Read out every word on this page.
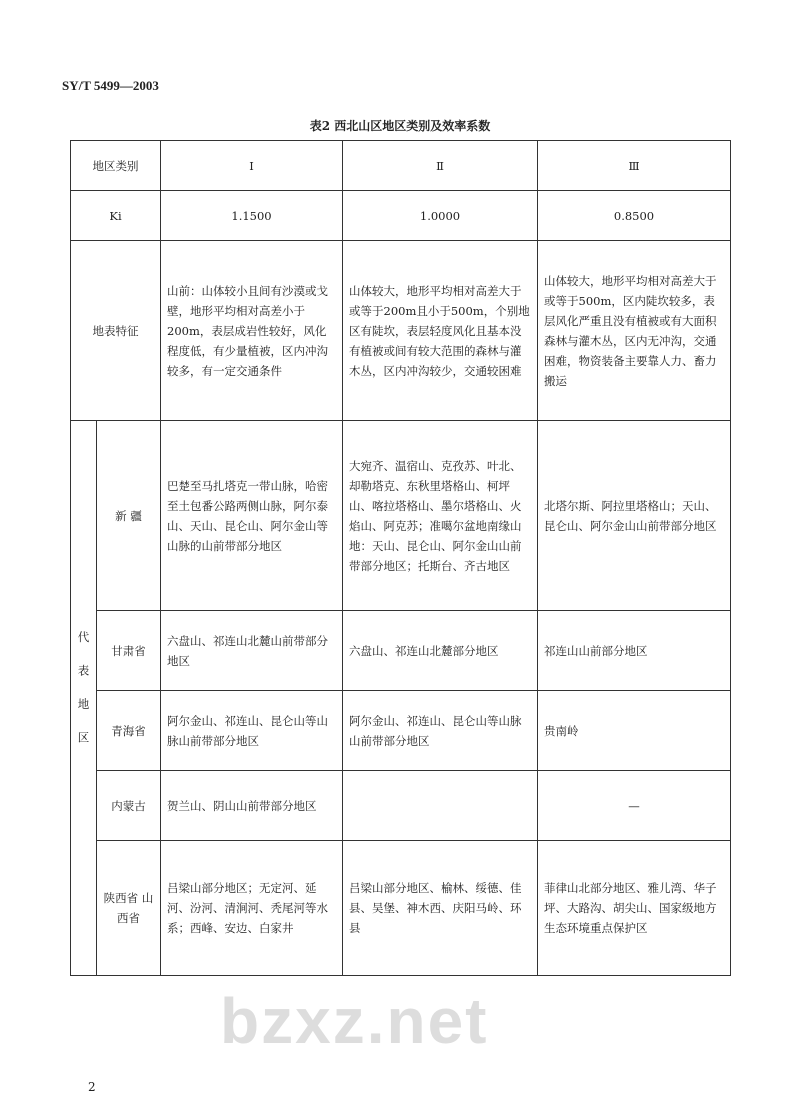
SY/T 5499—2003
表2 西北山区地区类别及效率系数
地区类别		Ⅰ	Ⅱ	Ⅲ
Ki		1.1500	1.0000	0.8500
地表特征		山前：山体较小且间有沙漠或戈壁，地形平均相对高差小于200m，表层成岩性较好，风化程度低，有少量植被，区内冲沟较多，有一定交通条件	山体较大，地形平均相对高差大于或等于200m且小于500m，个别地区有陡坎，表层轻度风化且基本没有植被或间有较大范围的森林与灌木丛，区内冲沟较少，交通较困难	山体较大，地形平均相对高差大于或等于500m，区内陡坎较多，表层风化严重且没有植被或有大面积森林与灌木丛，区内无冲沟，交通困难，物资装备主要靠人力、畜力搬运
代表地区	新 疆	巴楚至马扎塔克一带山脉，哈密至土包番公路两侧山脉，阿尔泰山、天山、昆仑山、阿尔金山等山脉的山前带部分地区	大宛齐、温宿山、克孜苏、叶北、却勒塔克、东秋里塔格山、柯坪山、喀拉塔格山、墨尔塔格山、火焰山、阿克苏；准噶尔盆地南缘山地：天山、昆仑山、阿尔金山山前带部分地区；托斯台、齐古地区	北塔尔斯、阿拉里塔格山；天山、昆仑山、阿尔金山山前带部分地区
	甘肃省	六盘山、祁连山北麓山前带部分地区	六盘山、祁连山北麓部分地区	祁连山山前部分地区
	青海省	阿尔金山、祁连山、昆仑山等山脉山前带部分地区	阿尔金山、祁连山、昆仑山等山脉山前带部分地区	贵南岭
	内蒙古	贺兰山、阴山山前带部分地区		—
	陕西省 山西省	吕梁山部分地区；无定河、延河、汾河、清涧河、秃尾河等水系；西峰、安边、白家井	吕梁山部分地区、榆林、绥德、佳县、吴堡、神木西、庆阳马岭、环县	菲律山北部分地区、雅儿湾、华子坪、大路沟、胡尖山、国家级地方生态环境重点保护区
bzxz.net
2
